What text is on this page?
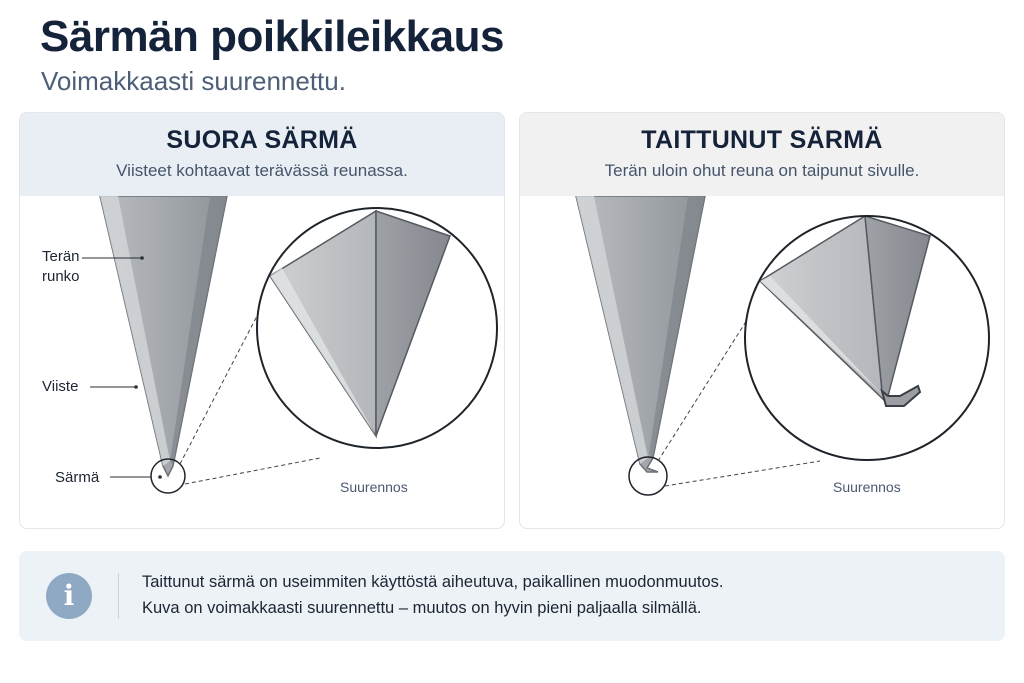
Särmän poikkileikkaus
Voimakkaasti suurennettu.
SUORA SÄRMÄ
Viisteet kohtaavat terävässä reunassa.
Terän
runko
Viiste
Särmä
Suurennos
TAITTUNUT SÄRMÄ
Terän uloin ohut reuna on taipunut sivulle.
Suurennos
i	Taittunut särmä on useimmiten käyttöstä aiheutuva, paikallinen muodonmuutos.
Kuva on voimakkaasti suurennettu – muutos on hyvin pieni paljaalla silmällä.
